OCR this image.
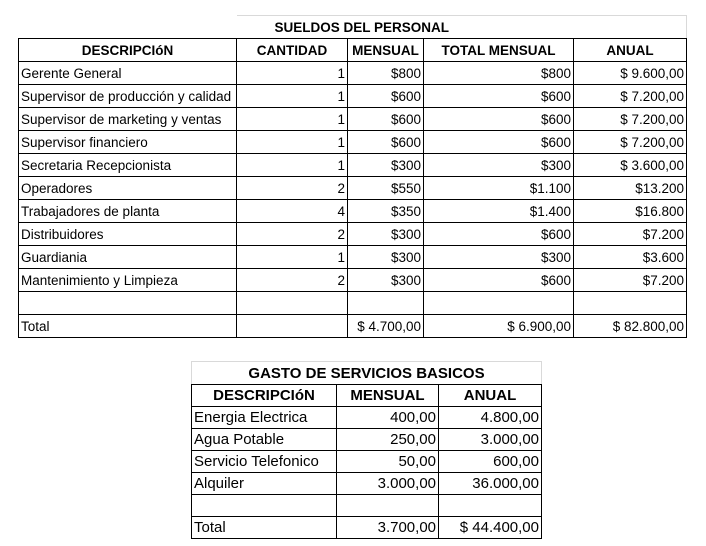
	SUELDOS DEL PERSONAL			
DESCRIPCIóN	CANTIDAD	MENSUAL	TOTAL MENSUAL	ANUAL
Gerente General	1	$800	$800	$ 9.600,00
Supervisor de producción y calidad	1	$600	$600	$ 7.200,00
Supervisor de marketing y ventas	1	$600	$600	$ 7.200,00
Supervisor financiero	1	$600	$600	$ 7.200,00
Secretaria Recepcionista	1	$300	$300	$ 3.600,00
Operadores	2	$550	$1.100	$13.200
Trabajadores de planta	4	$350	$1.400	$16.800
Distribuidores	2	$300	$600	$7.200
Guardiania	1	$300	$300	$3.600
Mantenimiento y Limpieza	2	$300	$600	$7.200

Total		$ 4.700,00	$ 6.900,00	$ 82.800,00
GASTO DE SERVICIOS BASICOS		
DESCRIPCIóN	MENSUAL	ANUAL
Energia Electrica	400,00	4.800,00
Agua Potable	250,00	3.000,00
Servicio Telefonico	50,00	600,00
Alquiler	3.000,00	36.000,00

Total	3.700,00	$ 44.400,00
